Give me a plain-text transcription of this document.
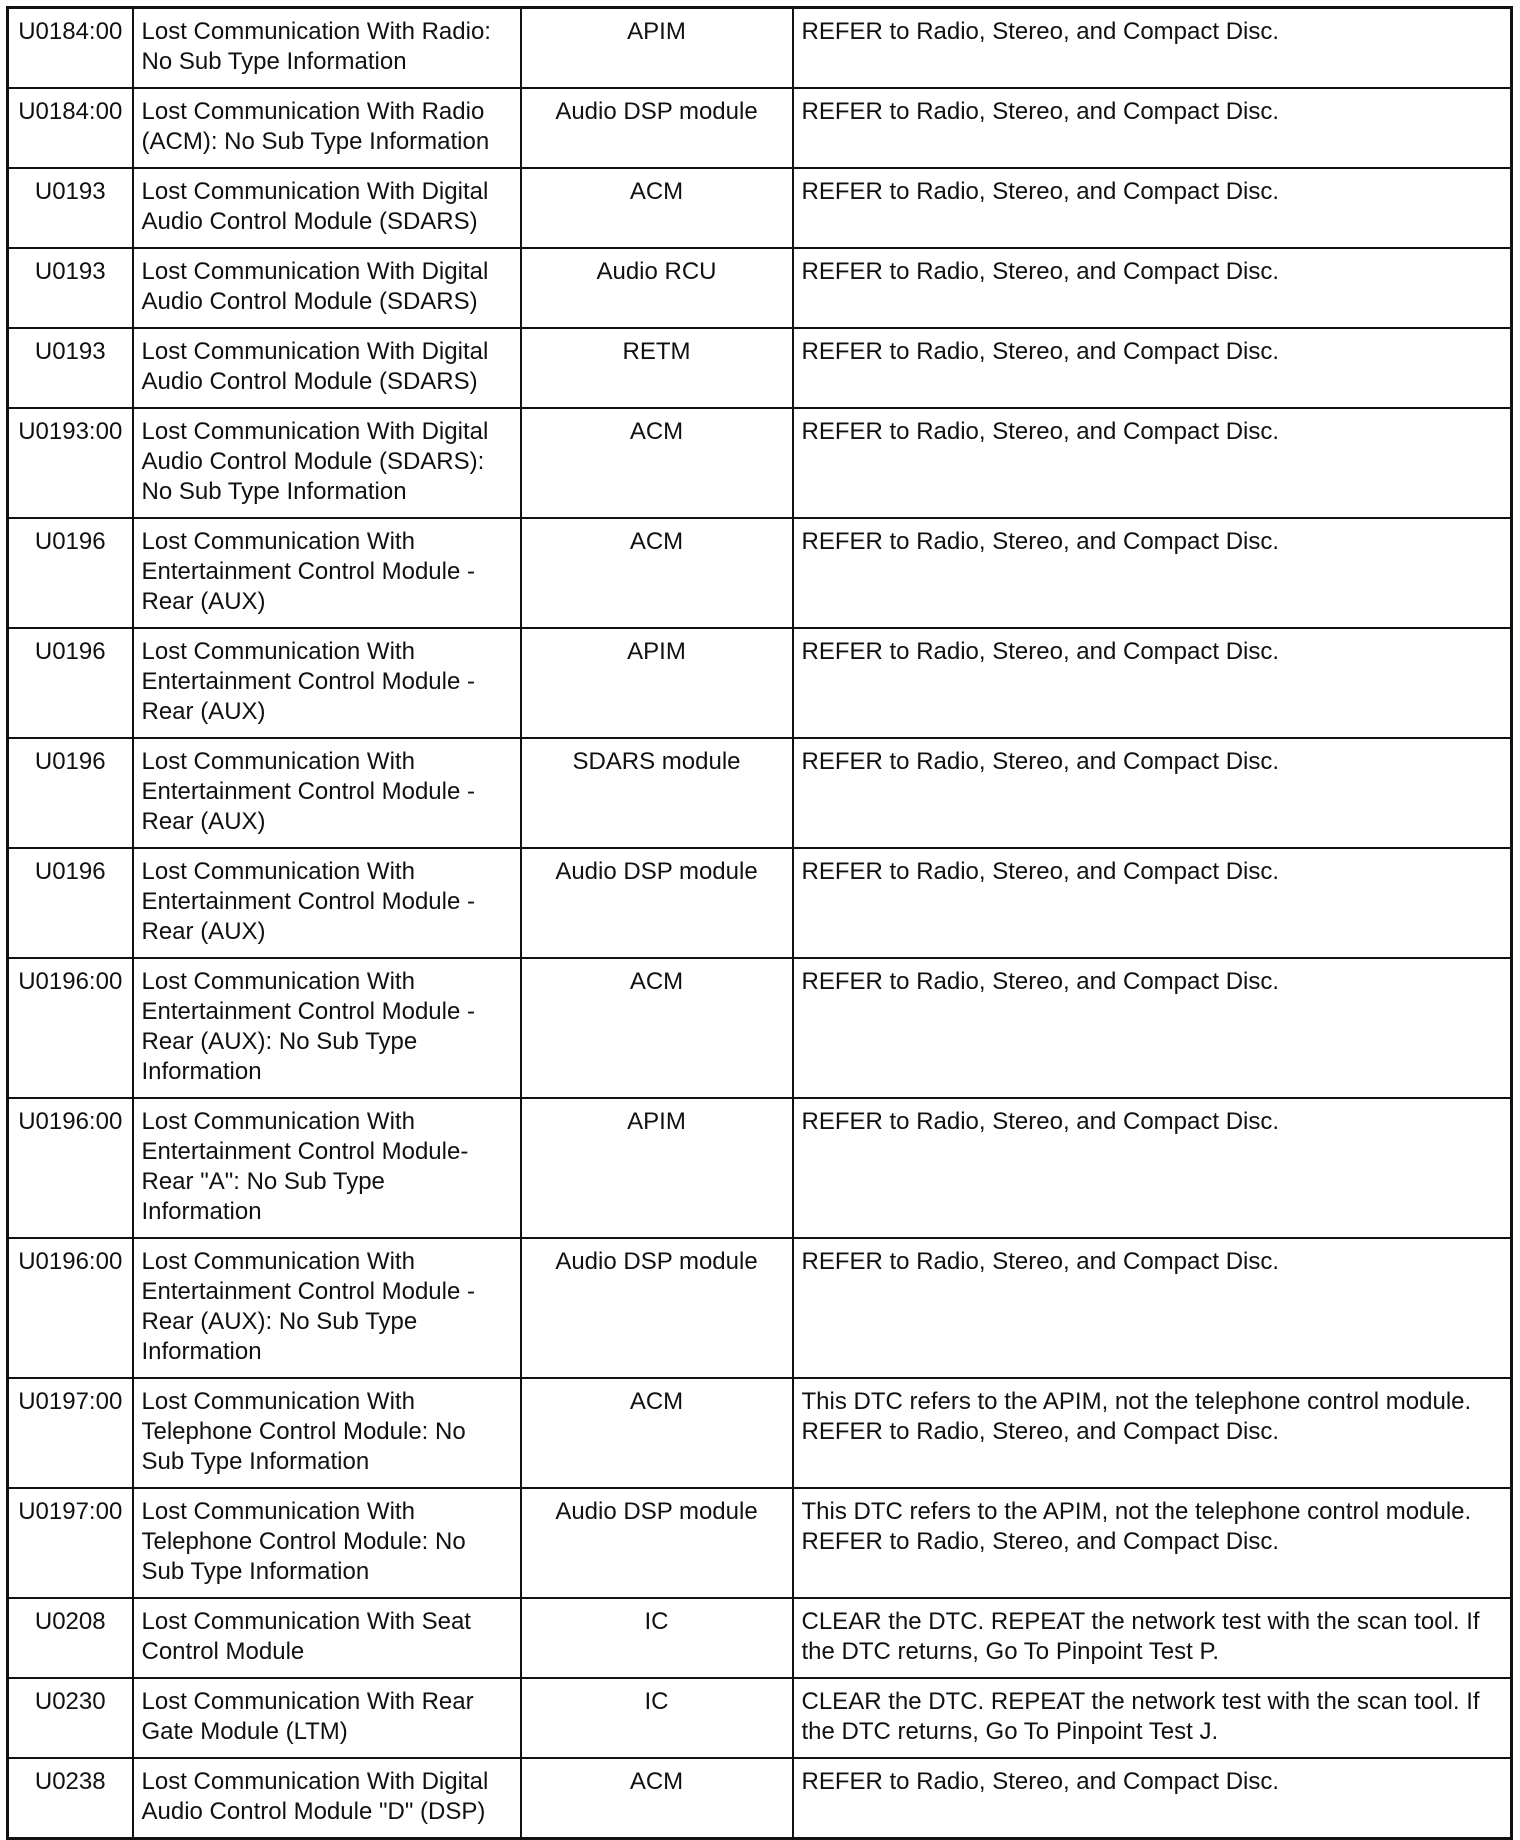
U0184:00	Lost Communication With Radio: No Sub Type Information	APIM	REFER to Radio, Stereo, and Compact Disc.
U0184:00	Lost Communication With Radio (ACM): No Sub Type Information	Audio DSP module	REFER to Radio, Stereo, and Compact Disc.
U0193	Lost Communication With Digital Audio Control Module (SDARS)	ACM	REFER to Radio, Stereo, and Compact Disc.
U0193	Lost Communication With Digital Audio Control Module (SDARS)	Audio RCU	REFER to Radio, Stereo, and Compact Disc.
U0193	Lost Communication With Digital Audio Control Module (SDARS)	RETM	REFER to Radio, Stereo, and Compact Disc.
U0193:00	Lost Communication With Digital Audio Control Module (SDARS): No Sub Type Information	ACM	REFER to Radio, Stereo, and Compact Disc.
U0196	Lost Communication With Entertainment Control Module - Rear (AUX)	ACM	REFER to Radio, Stereo, and Compact Disc.
U0196	Lost Communication With Entertainment Control Module - Rear (AUX)	APIM	REFER to Radio, Stereo, and Compact Disc.
U0196	Lost Communication With Entertainment Control Module - Rear (AUX)	SDARS module	REFER to Radio, Stereo, and Compact Disc.
U0196	Lost Communication With Entertainment Control Module - Rear (AUX)	Audio DSP module	REFER to Radio, Stereo, and Compact Disc.
U0196:00	Lost Communication With Entertainment Control Module - Rear (AUX): No Sub Type Information	ACM	REFER to Radio, Stereo, and Compact Disc.
U0196:00	Lost Communication With Entertainment Control Module-Rear "A": No Sub Type Information	APIM	REFER to Radio, Stereo, and Compact Disc.
U0196:00	Lost Communication With Entertainment Control Module - Rear (AUX): No Sub Type Information	Audio DSP module	REFER to Radio, Stereo, and Compact Disc.
U0197:00	Lost Communication With Telephone Control Module: No Sub Type Information	ACM	This DTC refers to the APIM, not the telephone control module. REFER to Radio, Stereo, and Compact Disc.
U0197:00	Lost Communication With Telephone Control Module: No Sub Type Information	Audio DSP module	This DTC refers to the APIM, not the telephone control module. REFER to Radio, Stereo, and Compact Disc.
U0208	Lost Communication With Seat Control Module	IC	CLEAR the DTC. REPEAT the network test with the scan tool. If the DTC returns, Go To Pinpoint Test P.
U0230	Lost Communication With Rear Gate Module (LTM)	IC	CLEAR the DTC. REPEAT the network test with the scan tool. If the DTC returns, Go To Pinpoint Test J.
U0238	Lost Communication With Digital Audio Control Module "D" (DSP)	ACM	REFER to Radio, Stereo, and Compact Disc.
